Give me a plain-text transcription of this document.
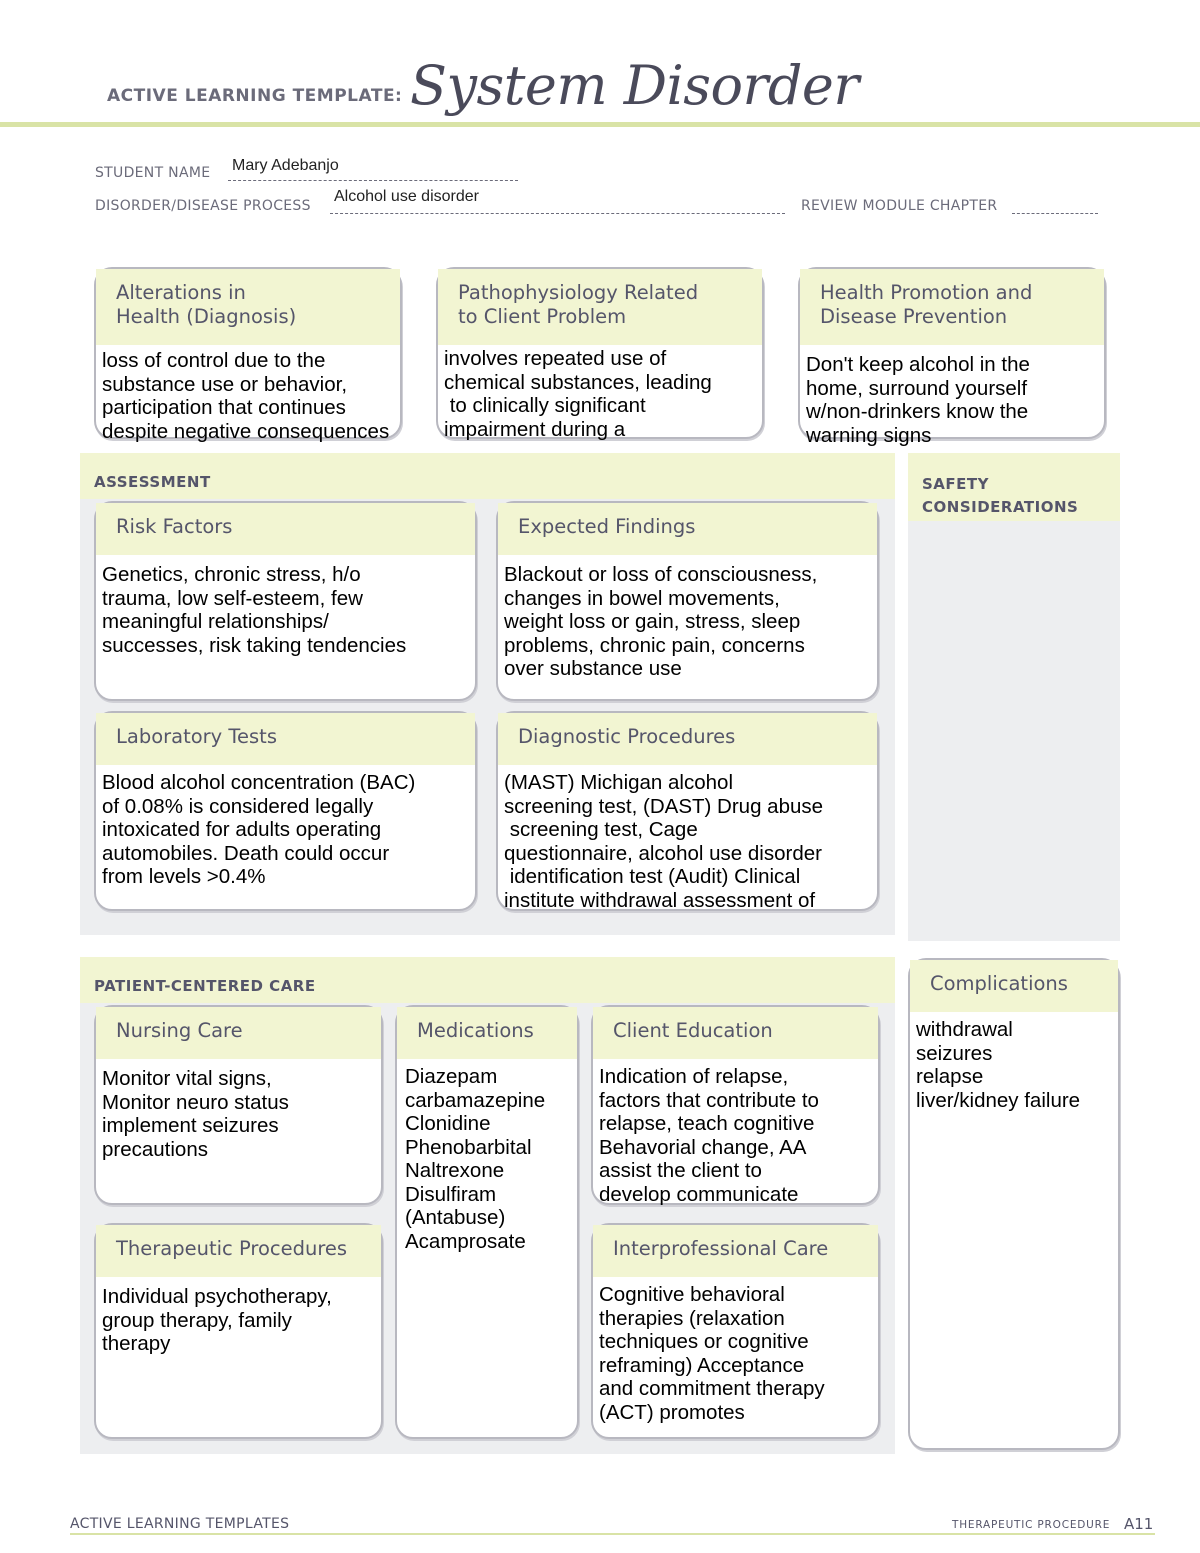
ACTIVE LEARNING TEMPLATE: System Disorder
STUDENT NAME Mary Adebanjo
DISORDER/DISEASE PROCESS
Alcohol use disorder
REVIEW MODULE CHAPTER
Alterations in
Health (Diagnosis)
loss of control due to the
substance use or behavior,
participation that continues
despite negative consequences
Pathophysiology Related
to Client Problem
involves repeated use of
chemical substances, leading
to clinically significant
impairment during a
Health Promotion and
Disease Prevention
Don't keep alcohol in the
home, surround yourself
w/non-drinkers know the
warning signs
ASSESSMENT
Risk Factors
Genetics, chronic stress, h/o
trauma, low self-esteem, few
meaningful relationships/
successes, risk taking tendencies
Expected Findings
Blackout or loss of consciousness,
changes in bowel movements,
weight loss or gain, stress, sleep
problems, chronic pain, concerns
over substance use
Laboratory Tests
Blood alcohol concentration (BAC)
of 0.08% is considered legally
intoxicated for adults operating
automobiles. Death could occur
from levels >0.4%
Diagnostic Procedures
(MAST) Michigan alcohol
screening test, (DAST) Drug abuse
screening test, Cage
questionnaire, alcohol use disorder
identification test (Audit) Clinical
institute withdrawal assessment of
SAFETY
CONSIDERATIONS
PATIENT-CENTERED CARE
Nursing Care
Monitor vital signs,
Monitor neuro status
implement seizures
precautions
Medications
Diazepam
carbamazepine
Clonidine
Phenobarbital
Naltrexone
Disulfiram
(Antabuse)
Acamprosate
Client Education
Indication of relapse,
factors that contribute to
relapse, teach cognitive
Behavorial change, AA
assist the client to
develop communicate
Therapeutic Procedures
Individual psychotherapy,
group therapy, family
therapy
Interprofessional Care
Cognitive behavioral
therapies (relaxation
techniques or cognitive
reframing) Acceptance
and commitment therapy
(ACT) promotes
Complications
withdrawal
seizures
relapse
liver/kidney failure
ACTIVE LEARNING TEMPLATES	THERAPEUTIC PROCEDURE A11
